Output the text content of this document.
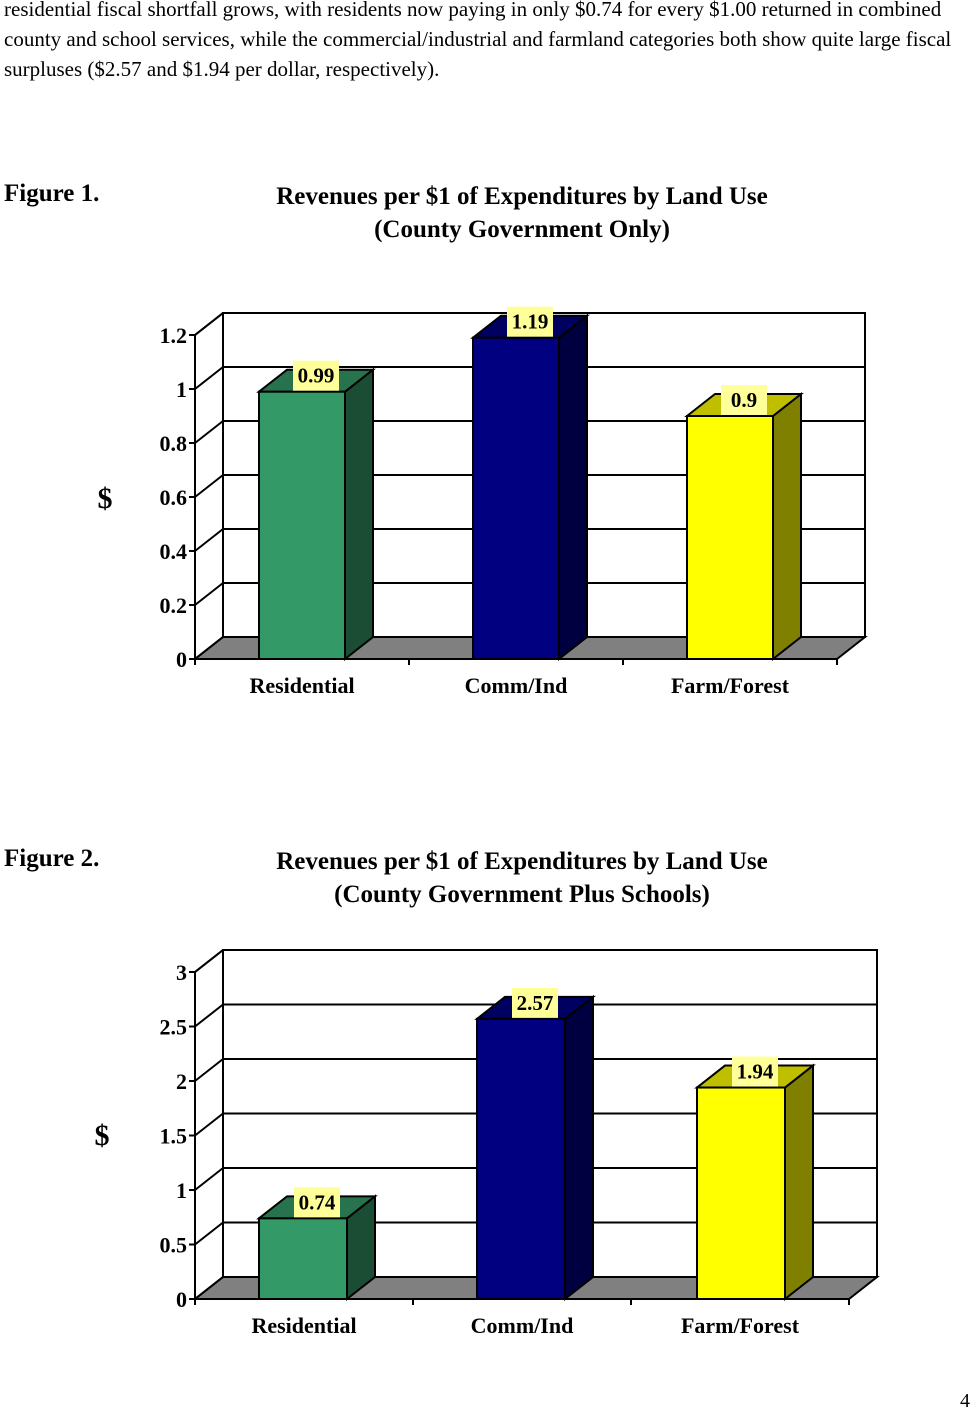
residential fiscal shortfall grows, with residents now paying in only $0.74 for every $1.00 returned in combined county and school services, while the commercial/industrial and farmland categories both show quite large fiscal surpluses ($2.57 and $1.94 per dollar, respectively).

Figure 1.	Revenues per $1 of Expenditures by Land Use
(County Government Only)
0
0.2
0.4
0.6
0.8
1
1.2
$
0.99
Residential
1.19
Comm/Ind
0.9
Farm/Forest
Figure 2.	Revenues per $1 of Expenditures by Land Use
(County Government Plus Schools)
0
0.5
1
1.5
2
2.5
3
$
0.74
Residential
2.57
Comm/Ind
1.94
Farm/Forest
4
